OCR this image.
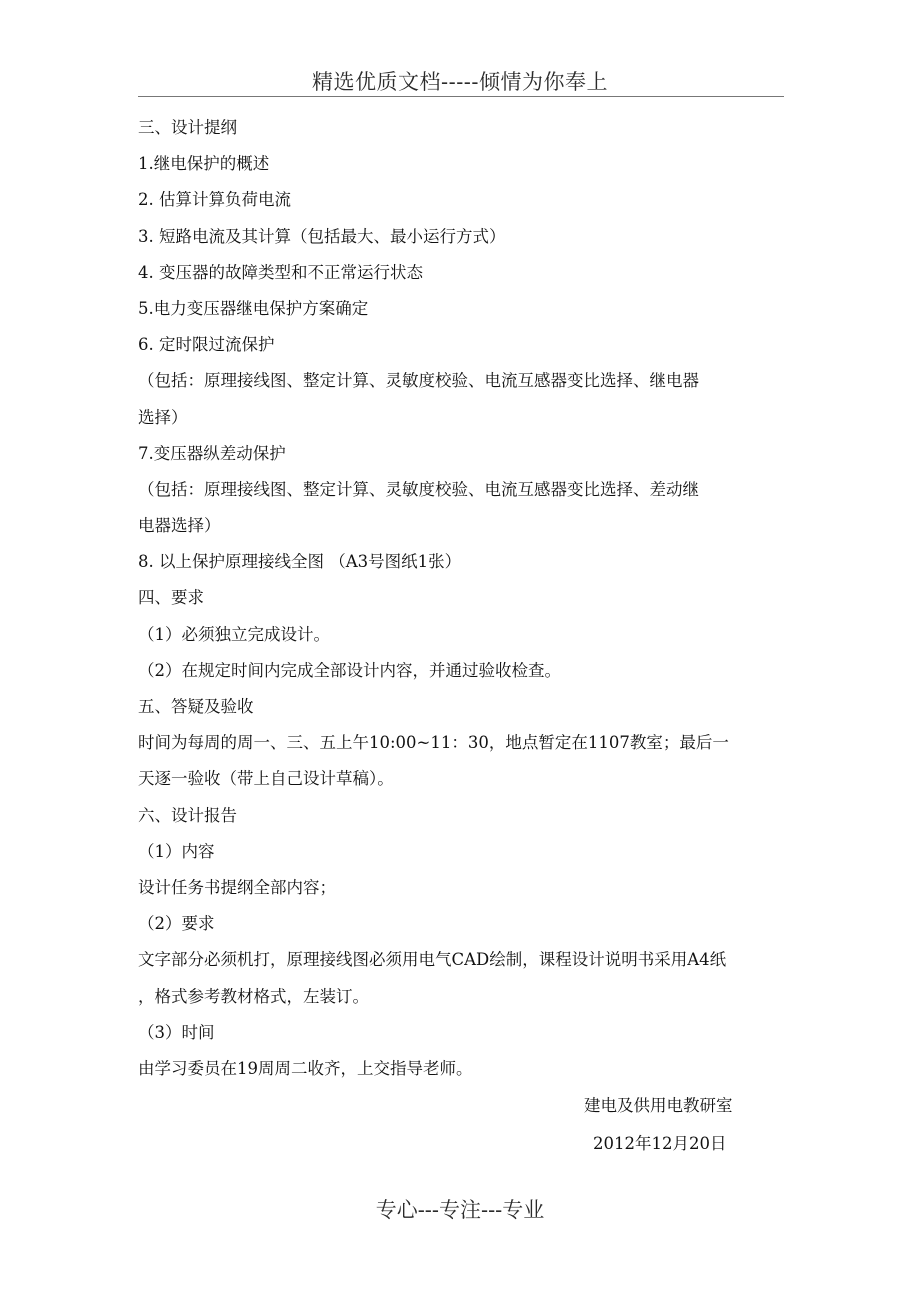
精选优质文档-----倾情为你奉上
三、设计提纲
1.继电保护的概述
2. 估算计算负荷电流
3. 短路电流及其计算（包括最大、最小运行方式）
4. 变压器的故障类型和不正常运行状态
5.电力变压器继电保护方案确定
6. 定时限过流保护
（包括：原理接线图、整定计算、灵敏度校验、电流互感器变比选择、继电器
选择）
7.变压器纵差动保护
（包括：原理接线图、整定计算、灵敏度校验、电流互感器变比选择、差动继
电器选择）
8. 以上保护原理接线全图 （A3号图纸1张）
四、要求
（1）必须独立完成设计。
（2）在规定时间内完成全部设计内容，并通过验收检查。
五、答疑及验收
时间为每周的周一、三、五上午10:00~11：30，地点暂定在1107教室；最后一
天逐一验收（带上自己设计草稿）。
六、设计报告
（1）内容
设计任务书提纲全部内容；
（2）要求
文字部分必须机打，原理接线图必须用电气CAD绘制，课程设计说明书采用A4纸
，格式参考教材格式，左装订。
（3）时间
由学习委员在19周周二收齐，上交指导老师。
建电及供用电教研室
2012年12月20日
专心---专注---专业
